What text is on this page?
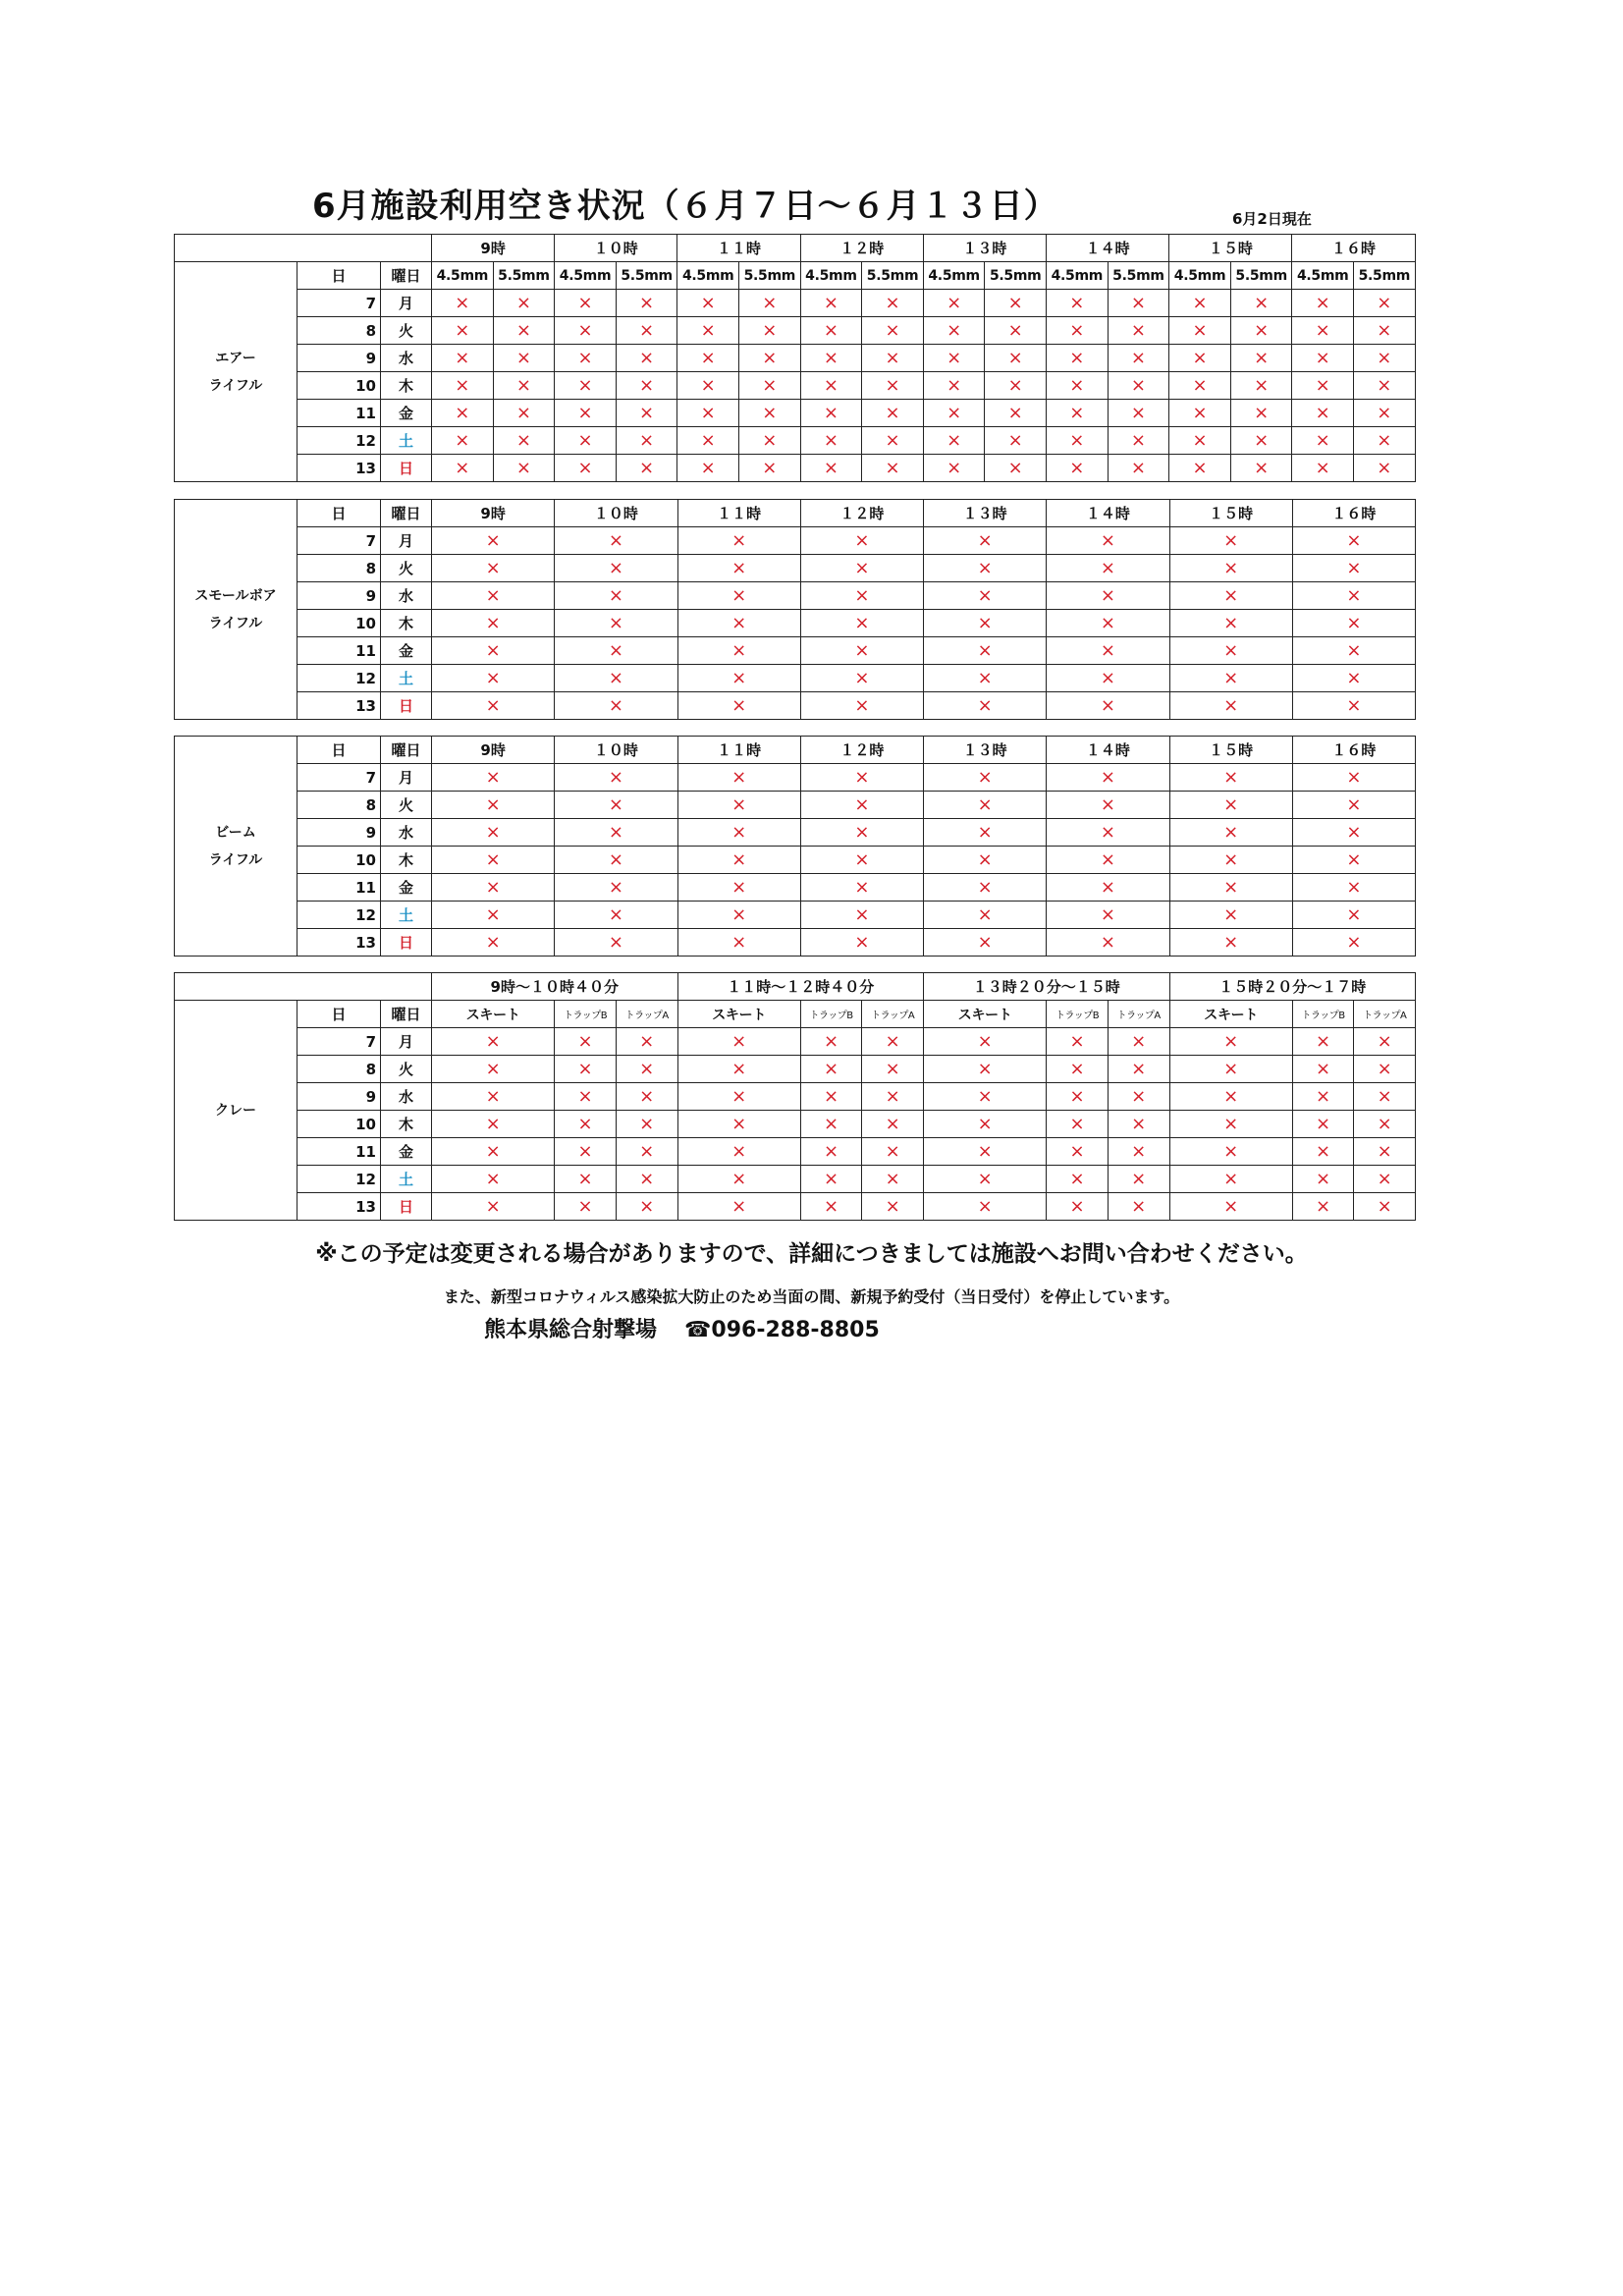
6月施設利用空き状況（６月７日～６月１３日）	6月2日現在
			9時		１０時		１１時		１２時		１３時		１４時		１５時		１６時	
エアー
ライフル	日	曜日	4.5mm	5.5mm	4.5mm	5.5mm	4.5mm	5.5mm	4.5mm	5.5mm	4.5mm	5.5mm	4.5mm	5.5mm	4.5mm	5.5mm	4.5mm	5.5mm
	7	月	×	×	×	×	×	×	×	×	×	×	×	×	×	×	×	×
	8	火	×	×	×	×	×	×	×	×	×	×	×	×	×	×	×	×
	9	水	×	×	×	×	×	×	×	×	×	×	×	×	×	×	×	×
	10	木	×	×	×	×	×	×	×	×	×	×	×	×	×	×	×	×
	11	金	×	×	×	×	×	×	×	×	×	×	×	×	×	×	×	×
	12	土	×	×	×	×	×	×	×	×	×	×	×	×	×	×	×	×
	13	日	×	×	×	×	×	×	×	×	×	×	×	×	×	×	×	×
スモールボア
ライフル	日	曜日	9時	１０時	１１時	１２時	１３時	１４時	１５時	１６時
	7	月	×	×	×	×	×	×	×	×
	8	火	×	×	×	×	×	×	×	×
	9	水	×	×	×	×	×	×	×	×
	10	木	×	×	×	×	×	×	×	×
	11	金	×	×	×	×	×	×	×	×
	12	土	×	×	×	×	×	×	×	×
	13	日	×	×	×	×	×	×	×	×
ビーム
ライフル	日	曜日	9時	１０時	１１時	１２時	１３時	１４時	１５時	１６時
	7	月	×	×	×	×	×	×	×	×
	8	火	×	×	×	×	×	×	×	×
	9	水	×	×	×	×	×	×	×	×
	10	木	×	×	×	×	×	×	×	×
	11	金	×	×	×	×	×	×	×	×
	12	土	×	×	×	×	×	×	×	×
	13	日	×	×	×	×	×	×	×	×
			9時～１０時４０分			１１時～１２時４０分			１３時２０分～１５時			１５時２０分～１７時		
クレー	日	曜日	スキート	トラップB	トラップA	スキート	トラップB	トラップA	スキート	トラップB	トラップA	スキート	トラップB	トラップA
	7	月	×	×	×	×	×	×	×	×	×	×	×	×
	8	火	×	×	×	×	×	×	×	×	×	×	×	×
	9	水	×	×	×	×	×	×	×	×	×	×	×	×
	10	木	×	×	×	×	×	×	×	×	×	×	×	×
	11	金	×	×	×	×	×	×	×	×	×	×	×	×
	12	土	×	×	×	×	×	×	×	×	×	×	×	×
	13	日	×	×	×	×	×	×	×	×	×	×	×	×
※この予定は変更される場合がありますので、詳細につきましては施設へお問い合わせください。
また、新型コロナウィルス感染拡大防止のため当面の間、新規予約受付（当日受付）を停止しています。
熊本県総合射撃場 ☎096-288-8805
